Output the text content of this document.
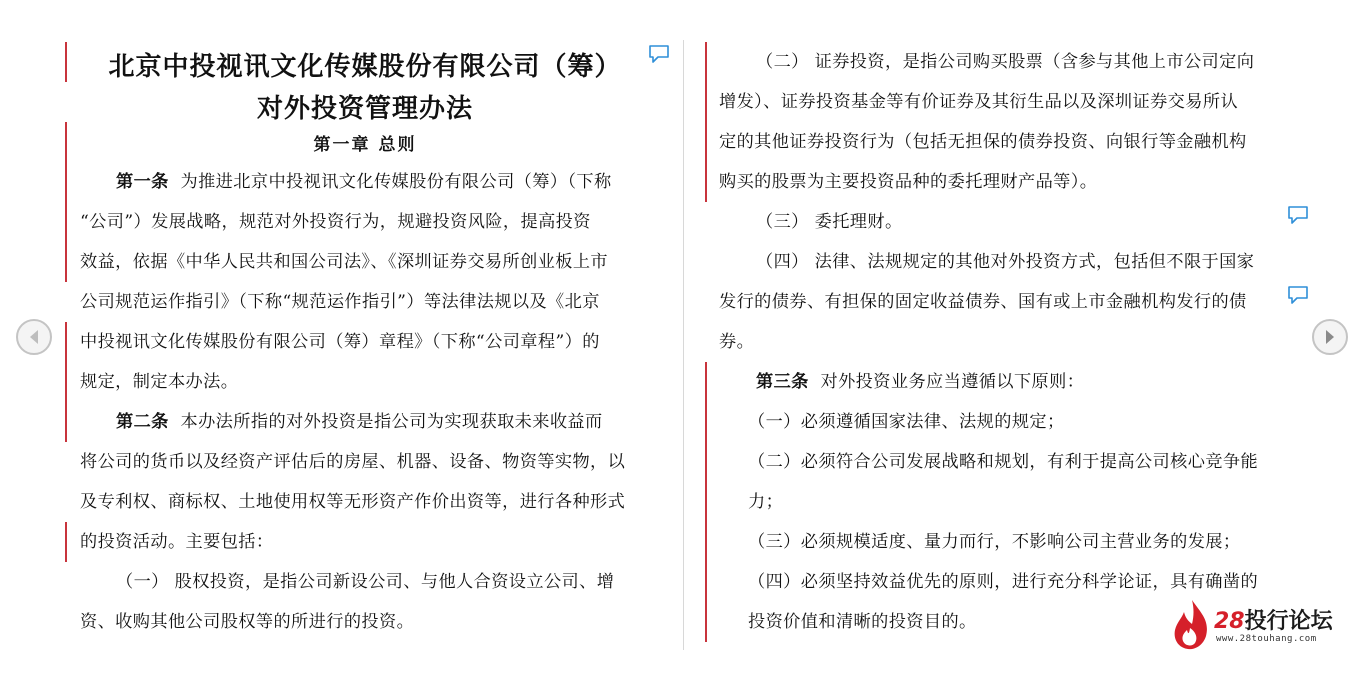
北京中投视讯文化传媒股份有限公司（筹）
对外投资管理办法
第一章 总则
第一条 为推进北京中投视讯文化传媒股份有限公司（筹）（下称
“公司”）发展战略，规范对外投资行为，规避投资风险，提高投资
效益，依据《中华人民共和国公司法》、《深圳证券交易所创业板上市
公司规范运作指引》（下称“规范运作指引”）等法律法规以及《北京
中投视讯文化传媒股份有限公司（筹）章程》（下称“公司章程”）的
规定，制定本办法。
第二条 本办法所指的对外投资是指公司为实现获取未来收益而
将公司的货币以及经资产评估后的房屋、机器、设备、物资等实物，以
及专利权、商标权、土地使用权等无形资产作价出资等，进行各种形式
的投资活动。主要包括：
（一） 股权投资，是指公司新设公司、与他人合资设立公司、增
资、收购其他公司股权等的所进行的投资。
（二） 证券投资，是指公司购买股票（含参与其他上市公司定向
增发）、证券投资基金等有价证券及其衍生品以及深圳证券交易所认
定的其他证券投资行为（包括无担保的债券投资、向银行等金融机构
购买的股票为主要投资品种的委托理财产品等）。
（三） 委托理财。
（四） 法律、法规规定的其他对外投资方式，包括但不限于国家
发行的债券、有担保的固定收益债券、国有或上市金融机构发行的债
券。
第三条 对外投资业务应当遵循以下原则：
（一）必须遵循国家法律、法规的规定；
（二）必须符合公司发展战略和规划，有利于提高公司核心竞争能
力；
（三）必须规模适度、量力而行，不影响公司主营业务的发展；
（四）必须坚持效益优先的原则，进行充分科学论证，具有确凿的
投资价值和清晰的投资目的。	28投行论坛
www.28touhang.com
